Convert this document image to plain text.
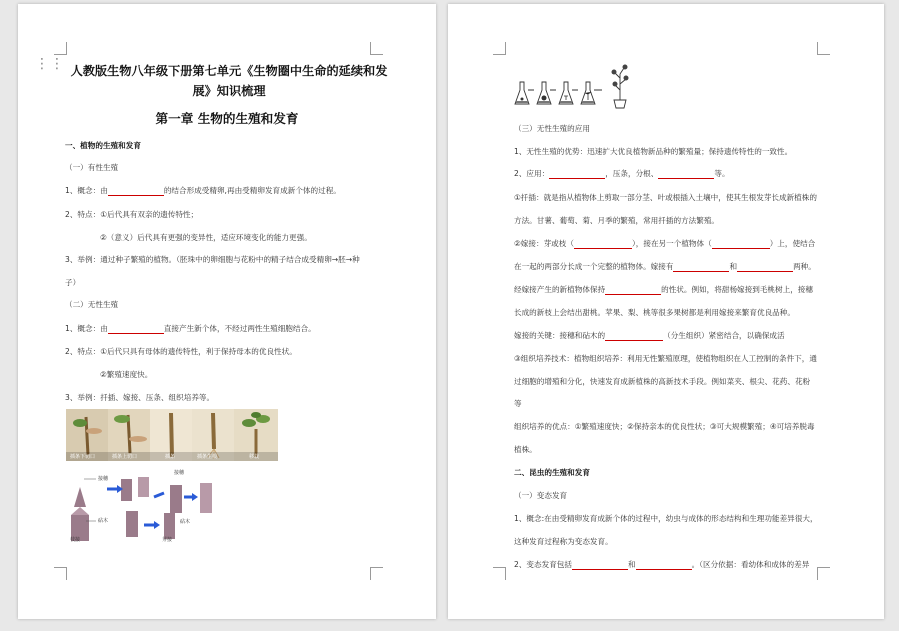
⋮⋮ 人教版生物八年级下册第七单元《生物圈中生命的延续和发
展》知识梳理
第一章 生物的生殖和发育
一、植物的生殖和发育
（一）有性生殖
1、概念：由	的结合形成受精卵,再由受精卵发育成新个体的过程。
2、特点：①后代具有双亲的遗传特性；
②（意义）后代具有更强的变异性，适应环境变化的能力更强。
3、举例：通过种子繁殖的植物。（胚珠中的卵细胞与花粉中的精子结合成受精卵→胚→种
子）
（二）无性生殖
1、概念：由	直接产生新个体，不经过两性生殖细胞结合。
2、特点：①后代只具有母体的遗传特性，利于保持母本的优良性状。
②繁殖速度快。
3、举例：扦插、嫁接、压条、组织培养等。
插条下切口	插条上切口	插条	插条生根	移栽
接穗
砧木
接穗
砧木
枝接	芽接
（三）无性生殖的应用
1、无性生殖的优势：迅速扩大优良植物新品种的繁殖量；保持遗传特性的一致性。
2、应用：	，压条，分根、	等。
①扦插：就是指从植物体上剪取一部分茎、叶或根插入土壤中，使其生根发芽长成新植株的
方法。甘薯、葡萄、菊、月季的繁殖，常用扦插的方法繁殖。
②嫁接：芽或枝（	），接在另一个植物体（	）上，使结合
在一起的两部分长成一个完整的植物体。嫁接有	和	两种。
经嫁接产生的新植物体保持	的性状。例如，将甜杨嫁接到毛桃树上，接穗
长成的新枝上会结出甜桃。苹果、梨、桃等很多果树都是利用嫁接来繁育优良品种。
嫁接的关键：接穗和砧木的	（分生组织）紧密结合，以确保成活
③组织培养技术：植物组织培养：利用无性繁殖原理，使植物组织在人工控制的条件下，通
过细胞的增殖和分化，快速发育成新植株的高新技术手段。例如菜夹、根尖、花药、花粉
等
组织培养的优点：①繁殖速度快；②保持亲本的优良性状；③可大规模繁殖；④可培养脱毒
植株。
二、昆虫的生殖和发育
（一）变态发育
1、概念:在由受精卵发育成新个体的过程中，幼虫与成体的形态结构和生理功能差异很大，
这种发育过程称为变态发育。
2、变态发育包括	和	。（区分依据：看幼体和成体的差异
